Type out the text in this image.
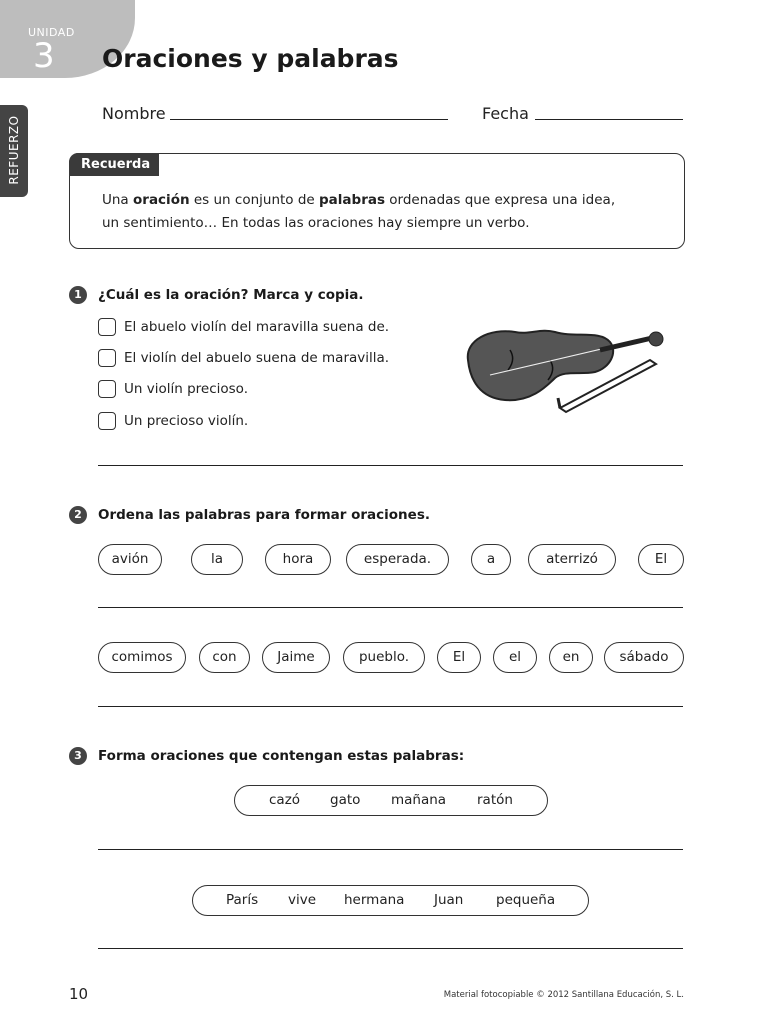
UNIDAD
3 Oraciones y palabras
REFUERZO
Nombre	Fecha
Recuerda
Una oración es un conjunto de palabras ordenadas que expresa una idea,
un sentimiento… En todas las oraciones hay siempre un verbo.
1	¿Cuál es la oración? Marca y copia.
El abuelo violín del maravilla suena de.
El violín del abuelo suena de maravilla.
Un violín precioso.
Un precioso violín.
2	Ordena las palabras para formar oraciones.
avión	la	hora	esperada.	a	aterrizó	El
comimos	con	Jaime	pueblo.	El	el	en	sábado
3	Forma oraciones que contengan estas palabras:
cazó gato mañana ratón
París vive hermana Juan pequeña
10	Material fotocopiable © 2012 Santillana Educación, S. L.
